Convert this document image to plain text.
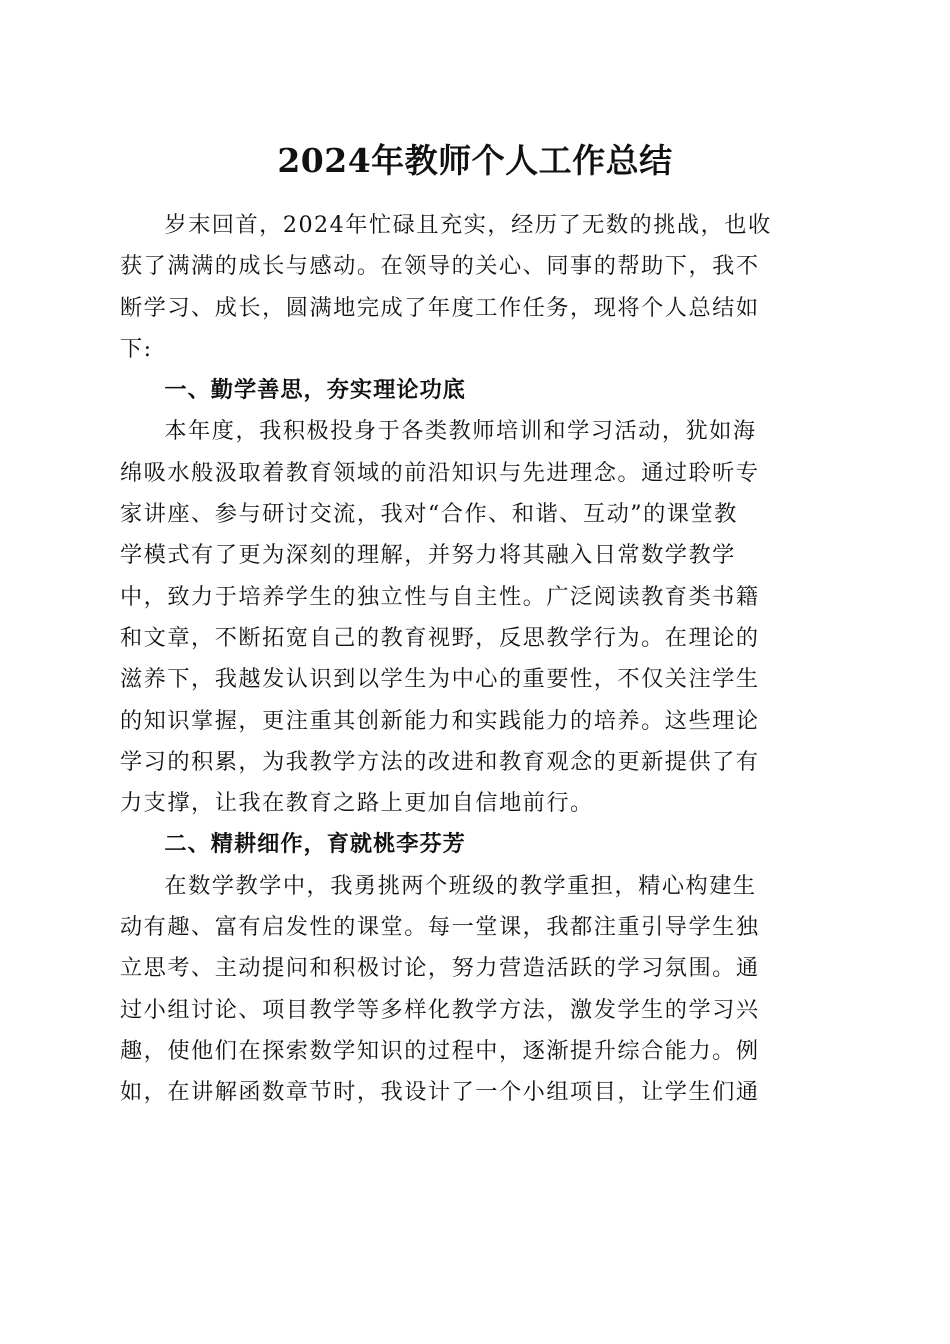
2024年教师个人工作总结

岁末回首，2024年忙碌且充实，经历了无数的挑战，也收
获了满满的成长与感动。在领导的关心、同事的帮助下，我不
断学习、成长，圆满地完成了年度工作任务，现将个人总结如
下:

一、勤学善思，夯实理论功底

本年度，我积极投身于各类教师培训和学习活动，犹如海
绵吸水般汲取着教育领域的前沿知识与先进理念。通过聆听专
家讲座、参与研讨交流，我对“合作、和谐、互动”的课堂教
学模式有了更为深刻的理解，并努力将其融入日常数学教学
中，致力于培养学生的独立性与自主性。广泛阅读教育类书籍
和文章，不断拓宽自己的教育视野，反思教学行为。在理论的
滋养下，我越发认识到以学生为中心的重要性，不仅关注学生
的知识掌握，更注重其创新能力和实践能力的培养。这些理论
学习的积累，为我教学方法的改进和教育观念的更新提供了有
力支撑，让我在教育之路上更加自信地前行。

二、精耕细作，育就桃李芬芳

在数学教学中，我勇挑两个班级的教学重担，精心构建生
动有趣、富有启发性的课堂。每一堂课，我都注重引导学生独
立思考、主动提问和积极讨论，努力营造活跃的学习氛围。通
过小组讨论、项目教学等多样化教学方法，激发学生的学习兴
趣，使他们在探索数学知识的过程中，逐渐提升综合能力。例
如，在讲解函数章节时，我设计了一个小组项目，让学生们通
